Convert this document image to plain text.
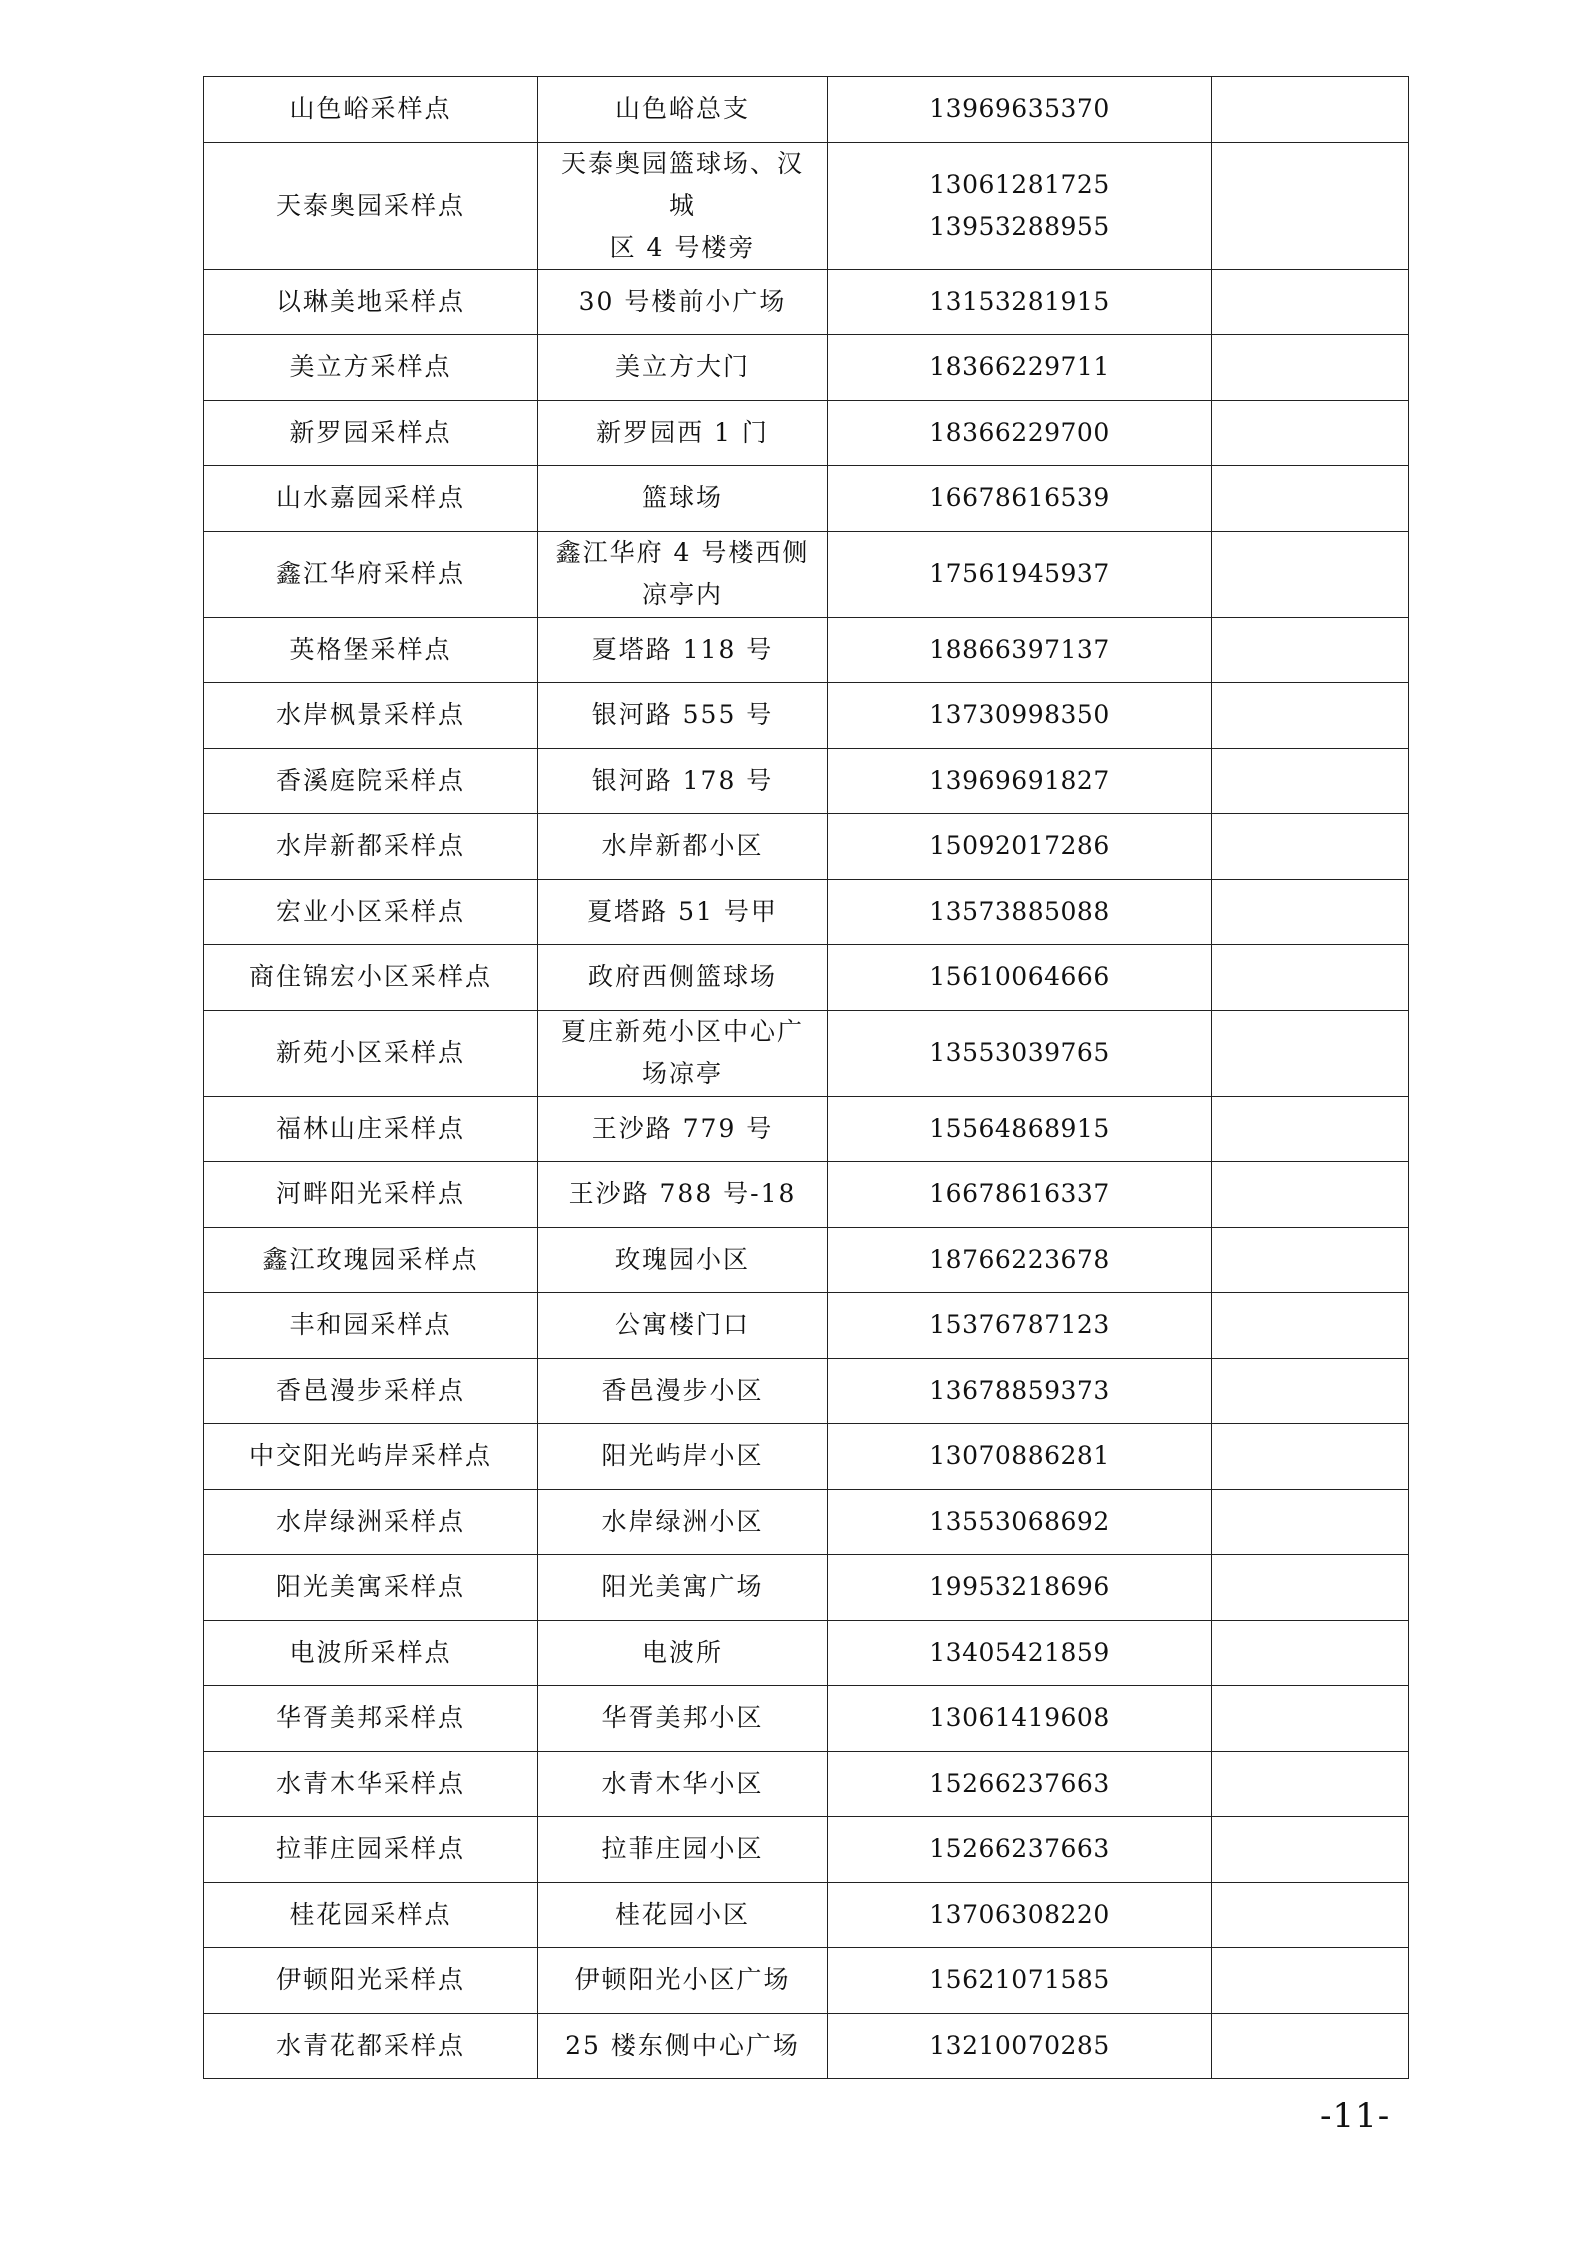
山色峪采样点	山色峪总支	13969635370	

天泰奥园采样点	天泰奥园篮球场、汉城
区 4 号楼旁	13061281725
13953288955	

以琳美地采样点	30 号楼前小广场	13153281915	

美立方采样点	美立方大门	18366229711	

新罗园采样点	新罗园西 1 门	18366229700	

山水嘉园采样点	篮球场	16678616539	

鑫江华府采样点	鑫江华府 4 号楼西侧
凉亭内	17561945937	

英格堡采样点	夏塔路 118 号	18866397137	

水岸枫景采样点	银河路 555 号	13730998350	

香溪庭院采样点	银河路 178 号	13969691827	

水岸新都采样点	水岸新都小区	15092017286	

宏业小区采样点	夏塔路 51 号甲	13573885088	

商住锦宏小区采样点	政府西侧篮球场	15610064666	

新苑小区采样点	夏庄新苑小区中心广
场凉亭	13553039765	

福林山庄采样点	王沙路 779 号	15564868915	

河畔阳光采样点	王沙路 788 号-18	16678616337	

鑫江玫瑰园采样点	玫瑰园小区	18766223678	

丰和园采样点	公寓楼门口	15376787123	

香邑漫步采样点	香邑漫步小区	13678859373	

中交阳光屿岸采样点	阳光屿岸小区	13070886281	

水岸绿洲采样点	水岸绿洲小区	13553068692	

阳光美寓采样点	阳光美寓广场	19953218696	

电波所采样点	电波所	13405421859	

华胥美邦采样点	华胥美邦小区	13061419608	

水青木华采样点	水青木华小区	15266237663	

拉菲庄园采样点	拉菲庄园小区	15266237663	

桂花园采样点	桂花园小区	13706308220	

伊顿阳光采样点	伊顿阳光小区广场	15621071585	

水青花都采样点	25 楼东侧中心广场	13210070285	

-11-
